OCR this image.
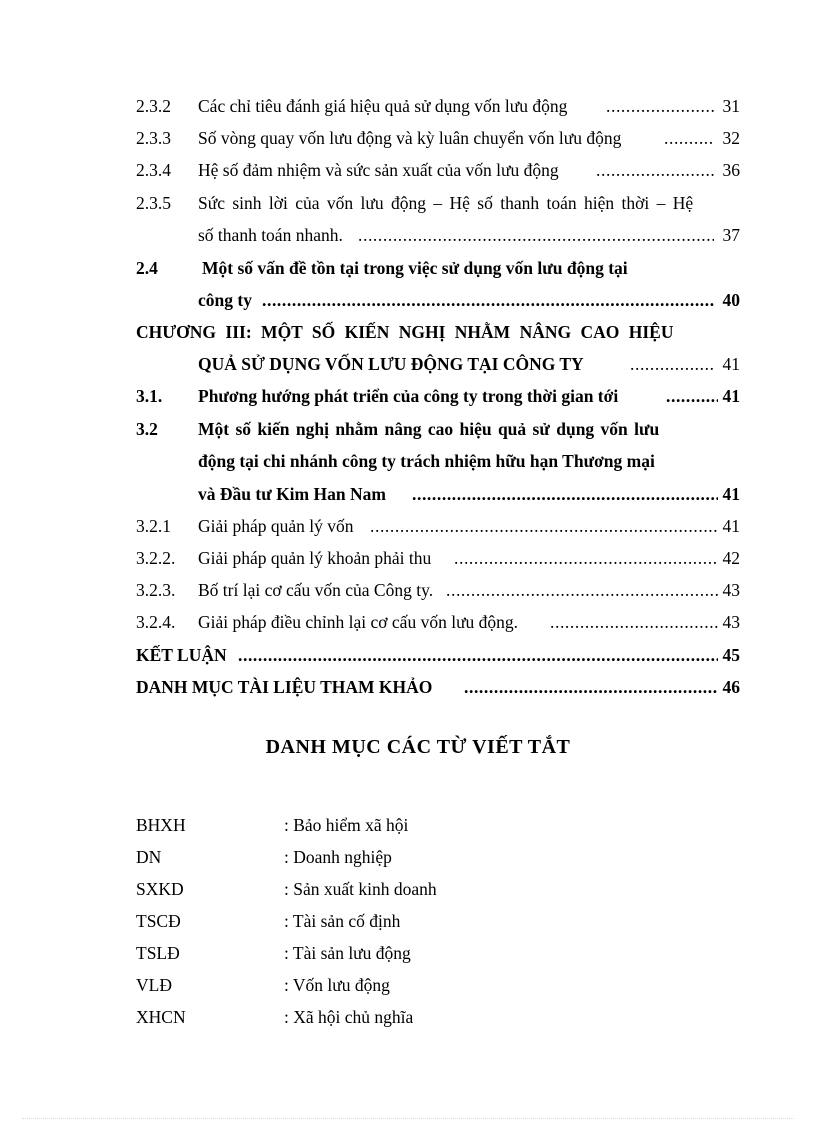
2.3.2 Các chỉ tiêu đánh giá hiệu quả sử dụng vốn lưu động .....	31
2.3.3 Số vòng quay vốn lưu động và kỳ luân chuyển vốn lưu động .....	32
2.3.4 Hệ số đảm nhiệm và sức sản xuất của vốn lưu động .....	36
2.3.5 Sức sinh lời của vốn lưu động – Hệ số thanh toán hiện thời – Hệ
số thanh toán nhanh. .....	37
2.4	Một số vấn đề tồn tại trong việc sử dụng vốn lưu động tại
công ty .....	40
CHƯƠNG III: MỘT SỐ KIẾN NGHỊ NHẰM NÂNG CAO HIỆU
QUẢ SỬ DỤNG VỐN LƯU ĐỘNG TẠI CÔNG TY .....	41
3.1. Phương hướng phát triển của công ty trong thời gian tới .....	41
3.2 Một số kiến nghị nhằm nâng cao hiệu quả sử dụng vốn lưu
động tại chi nhánh công ty trách nhiệm hữu hạn Thương mại
và Đầu tư Kim Han Nam .....	41
3.2.1 Giải pháp quản lý vốn .....	41
3.2.2. Giải pháp quản lý khoản phải thu .....	42
3.2.3. Bố trí lại cơ cấu vốn của Công ty. .....	43
3.2.4. Giải pháp điều chỉnh lại cơ cấu vốn lưu động. .....	43
KẾT LUẬN .....	45
DANH MỤC TÀI LIỆU THAM KHẢO .....	46
DANH MỤC CÁC TỪ VIẾT TẮT
BHXH	: Bảo hiểm xã hội
DN	: Doanh nghiệp
SXKD	: Sản xuất kinh doanh
TSCĐ	: Tài sản cố định
TSLĐ	: Tài sản lưu động
VLĐ	: Vốn lưu động
XHCN	: Xã hội chủ nghĩa
